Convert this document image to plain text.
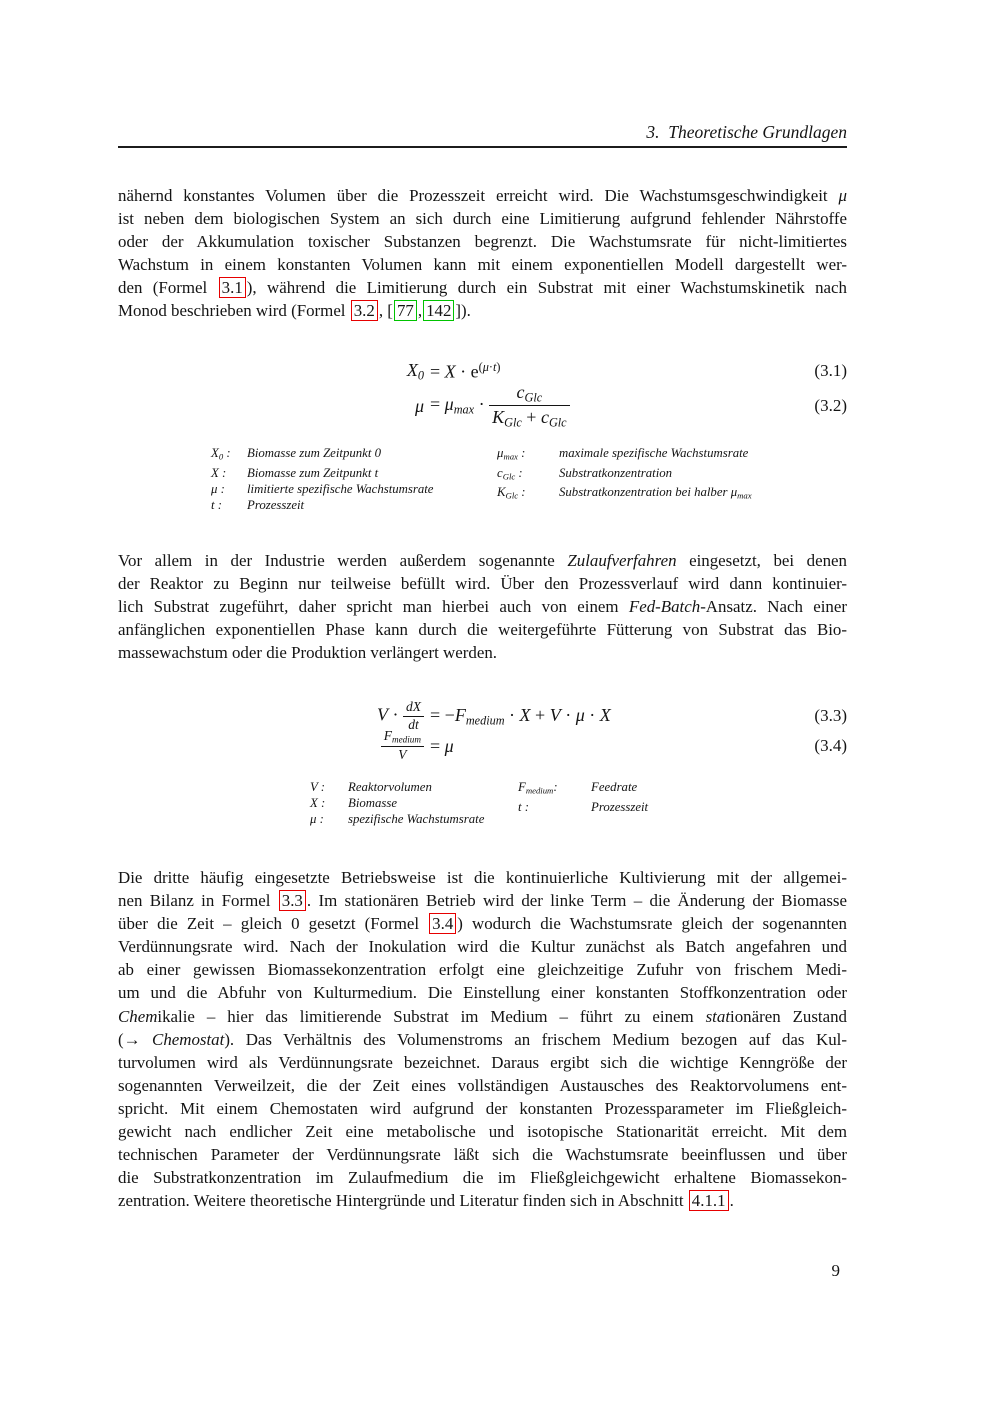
3.  Theoretische Grundlagen
nähernd konstantes Volumen über die Prozesszeit erreicht wird. Die Wachstumsgeschwindigkeit μ
ist neben dem biologischen System an sich durch eine Limitierung aufgrund fehlender Nährstoffe
oder der Akkumulation toxischer Substanzen begrenzt. Die Wachstumsrate für nicht-limitiertes
Wachstum in einem konstanten Volumen kann mit einem exponentiellen Modell dargestellt wer-
den (Formel 3.1 ), während die Limitierung durch ein Substrat mit einer Wachstumskinetik nach
Monod beschrieben wird (Formel 3.2 , [ 77 , 142 ]).
$X0 = X \cdot e^{(\mu\cdot t)}$	(3.1)
$\mu = \mu\max \cdot \frac{\text{cGlc}}{\text{KGlc + cGlc}}$	(3.2)
X0 :	Biomasse zum Zeitpunkt 0
X :	Biomasse zum Zeitpunkt t
μ :	limitierte spezifische Wachstumsrate
t :	Prozesszeit
μmax :	maximale spezifische Wachstumsrate
cGlc :	Substratkonzentration
KGlc :	Substratkonzentration bei halber μmax
Vor allem in der Industrie werden außerdem sogenannte Zulaufverfahren eingesetzt, bei denen
der Reaktor zu Beginn nur teilweise befüllt wird. Über den Prozessverlauf wird dann kontinuier-
lich Substrat zugeführt, daher spricht man hierbei auch von einem Fed-Batch-Ansatz. Nach einer
anfänglichen exponentiellen Phase kann durch die weitergeführte Fütterung von Substrat das Bio-
massewachstum oder die Produktion verlängert werden.
$V \cdot \frac{dX}{dt}$ = −Fmedium · X + V · μ · X	(3.3)
$\frac{\text{Fmedium}}{V} = \mu$	(3.4)
V :	Reaktorvolumen
X :	Biomasse
μ :	spezifische Wachstumsrate
Fmedium:	Feedrate
t :	Prozesszeit
Die dritte häufig eingesetzte Betriebsweise ist die kontinuierliche Kultivierung mit der allgemei-
nen Bilanz in Formel 3.3 . Im stationären Betrieb wird der linke Term – die Änderung der Biomasse
über die Zeit – gleich 0 gesetzt (Formel 3.4 ) wodurch die Wachstumsrate gleich der sogenannten
Verdünnungsrate wird. Nach der Inokulation wird die Kultur zunächst als Batch angefahren und
ab einer gewissen Biomassekonzentration erfolgt eine gleichzeitige Zufuhr von frischem Medi-
um und die Abfuhr von Kulturmedium. Die Einstellung einer konstanten Stoffkonzentration oder
Chemikalie – hier das limitierende Substrat im Medium – führt zu einem stationären Zustand
(→ Chemostat). Das Verhältnis des Volumenstroms an frischem Medium bezogen auf das Kul-
turvolumen wird als Verdünnungsrate bezeichnet. Daraus ergibt sich die wichtige Kenngröße der
sogenannten Verweilzeit, die der Zeit eines vollständigen Austausches des Reaktorvolumens ent-
spricht. Mit einem Chemostaten wird aufgrund der konstanten Prozessparameter im Fließgleich-
gewicht nach endlicher Zeit eine metabolische und isotopische Stationarität erreicht. Mit dem
technischen Parameter der Verdünnungsrate läßt sich die Wachstumsrate beeinflussen und über
die Substratkonzentration im Zulaufmedium die im Fließgleichgewicht erhaltene Biomassekon-
zentration. Weitere theoretische Hintergründe und Literatur finden sich in Abschnitt 4.1.1 .
9
